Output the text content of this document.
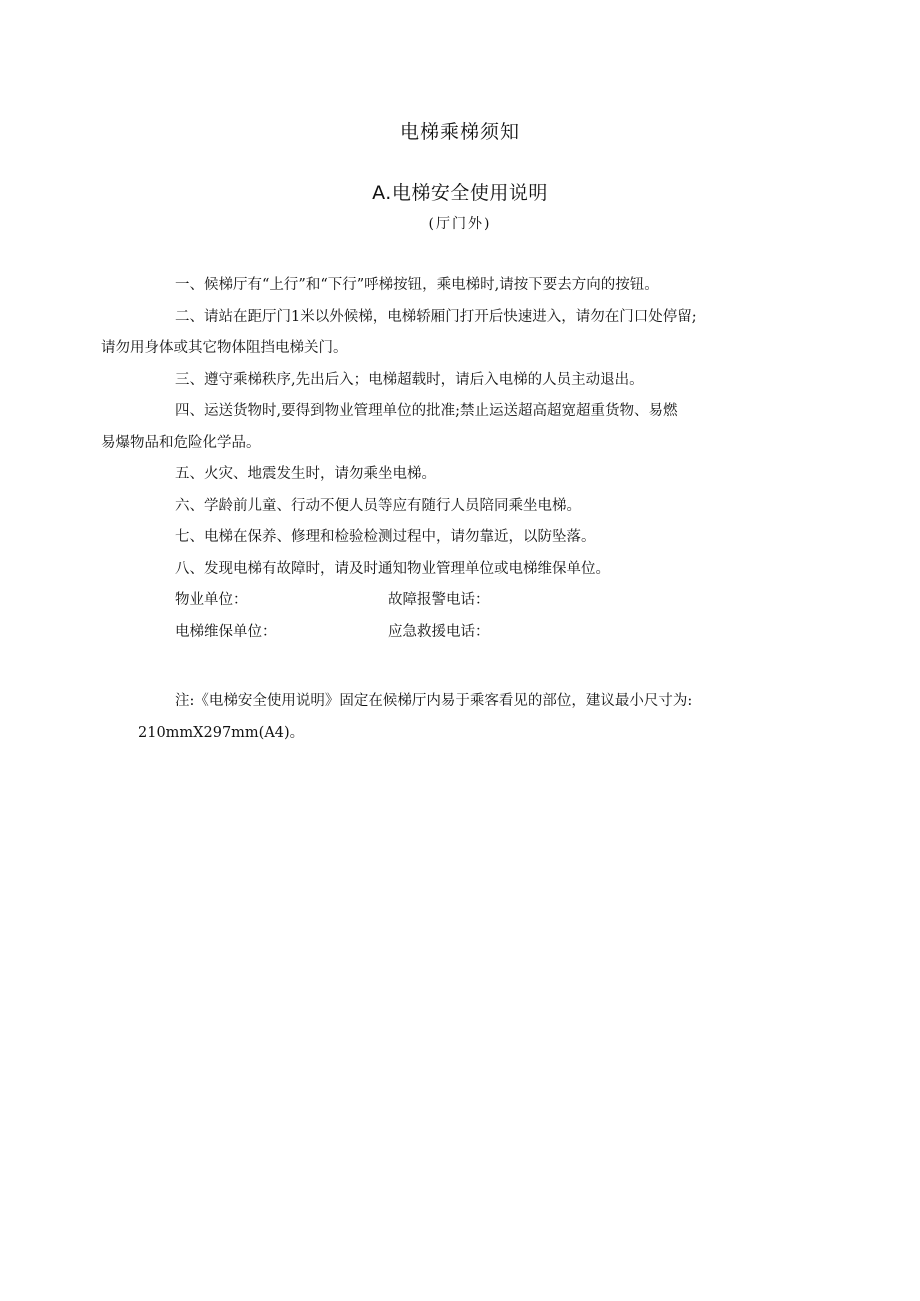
电梯乘梯须知
A.电梯安全使用说明
(厅门外)

一、候梯厅有“上行”和“下行”呼梯按钮，乘电梯时,请按下要去方向的按钮。

二、请站在距厅门1米以外候梯，电梯轿厢门打开后快速进入，请勿在门口处停留;
请勿用身体或其它物体阻挡电梯关门。

三、遵守乘梯秩序,先出后入；电梯超载时，请后入电梯的人员主动退出。

四、运送货物时,要得到物业管理单位的批准;禁止运送超高超宽超重货物、易燃
易爆物品和危险化学品。

五、火灾、地震发生时，请勿乘坐电梯。

六、学龄前儿童、行动不便人员等应有随行人员陪同乘坐电梯。

七、电梯在保养、修理和检验检测过程中，请勿靠近，以防坠落。

八、发现电梯有故障时，请及时通知物业管理单位或电梯维保单位。

物业单位：	故障报警电话：
电梯维保单位：	应急救援电话：
注:《电梯安全使用说明》固定在候梯厅内易于乘客看见的部位，建议最小尺寸为:
210mmX297mm(A4)。
